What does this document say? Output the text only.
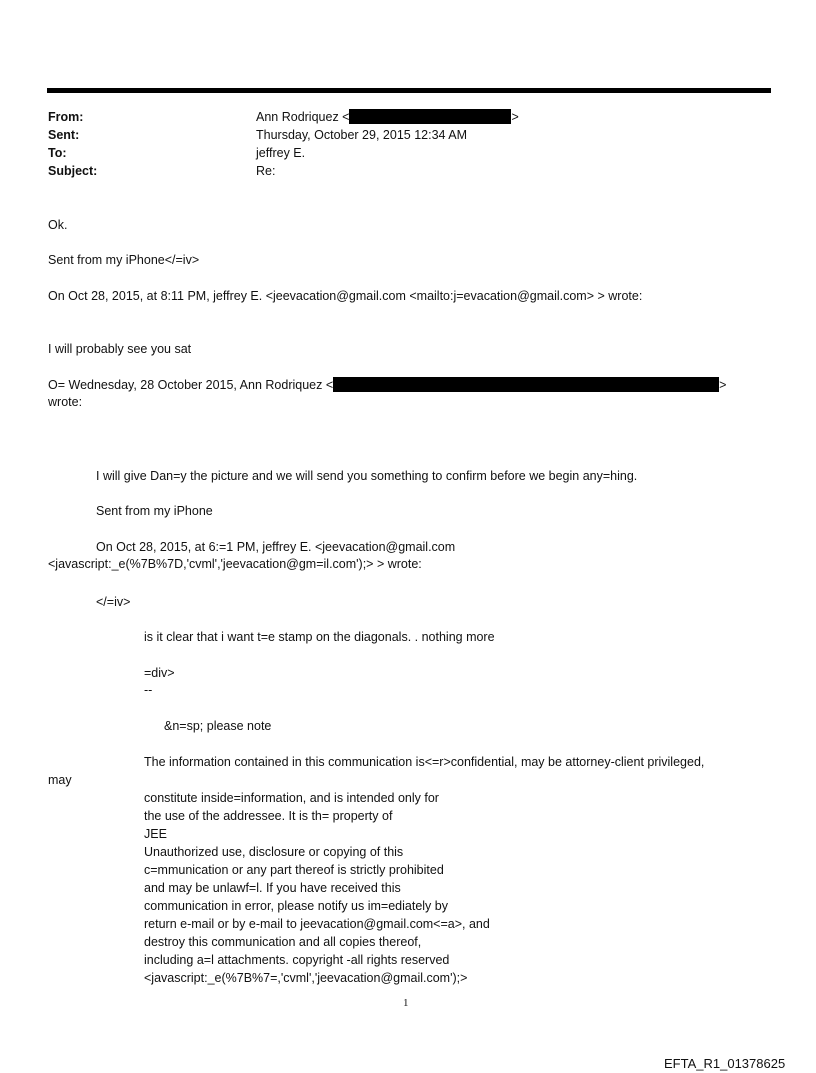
From:	Ann Rodriquez <	>
Sent:	Thursday, October 29, 2015 12:34 AM
To:	jeffrey E.
Subject:	Re:
Ok.
Sent from my iPhone</=iv>
On Oct 28, 2015, at 8:11 PM, jeffrey E. <jeevacation@gmail.com <mailto:j=evacation@gmail.com> > wrote:
I will probably see you sat
O= Wednesday, 28 October 2015, Ann Rodriquez <	>
wrote:
I will give Dan=y the picture and we will send you something to confirm before we begin any=hing.
Sent from my iPhone
On Oct 28, 2015, at 6:=1 PM, jeffrey E. <jeevacation@gmail.com
<javascript:_e(%7B%7D,'cvml','jeevacation@gm=il.com');> > wrote:
</=iv>
is it clear that i want t=e stamp on the diagonals. . nothing more
=div>
--
&n=sp; please note
The information contained in this communication is<=r>confidential, may be attorney-client privileged,
may
constitute inside=information, and is intended only for
the use of the addressee. It is th= property of
JEE
Unauthorized use, disclosure or copying of this
c=mmunication or any part thereof is strictly prohibited
and may be unlawf=l. If you have received this
communication in error, please notify us im=ediately by
return e-mail or by e-mail to jeevacation@gmail.com<=a>, and
destroy this communication and all copies thereof,
including a=l attachments. copyright -all rights reserved
<javascript:_e(%7B%7=,'cvml','jeevacation@gmail.com');>
1
EFTA_R1_01378625
